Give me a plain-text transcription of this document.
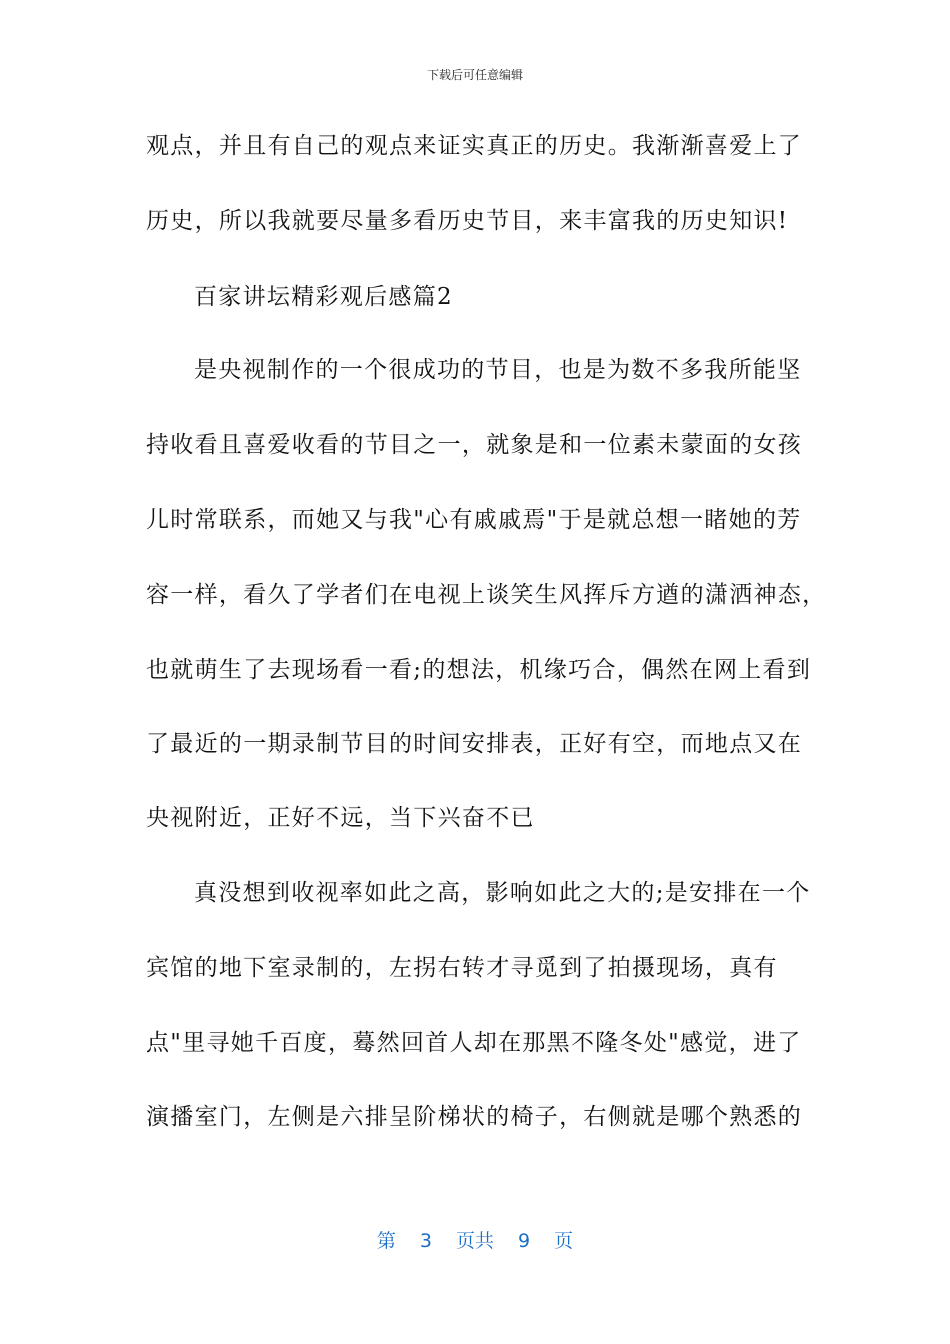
下载后可任意编辑
观点，并且有自己的观点来证实真正的历史。我渐渐喜爱上了
历史，所以我就要尽量多看历史节目，来丰富我的历史知识!
百家讲坛精彩观后感篇2
是央视制作的一个很成功的节目，也是为数不多我所能坚
持收看且喜爱收看的节目之一，就象是和一位素未蒙面的女孩
儿时常联系，而她又与我"心有戚戚焉"于是就总想一睹她的芳
容一样，看久了学者们在电视上谈笑生风挥斥方遒的潇洒神态，
也就萌生了去现场看一看;的想法，机缘巧合，偶然在网上看到
了最近的一期录制节目的时间安排表，正好有空，而地点又在
央视附近，正好不远，当下兴奋不已
真没想到收视率如此之高，影响如此之大的;是安排在一个
宾馆的地下室录制的，左拐右转才寻觅到了拍摄现场，真有
点"里寻她千百度，蓦然回首人却在那黑不隆冬处"感觉，进了
演播室门，左侧是六排呈阶梯状的椅子，右侧就是哪个熟悉的
第 3 页共 9 页
